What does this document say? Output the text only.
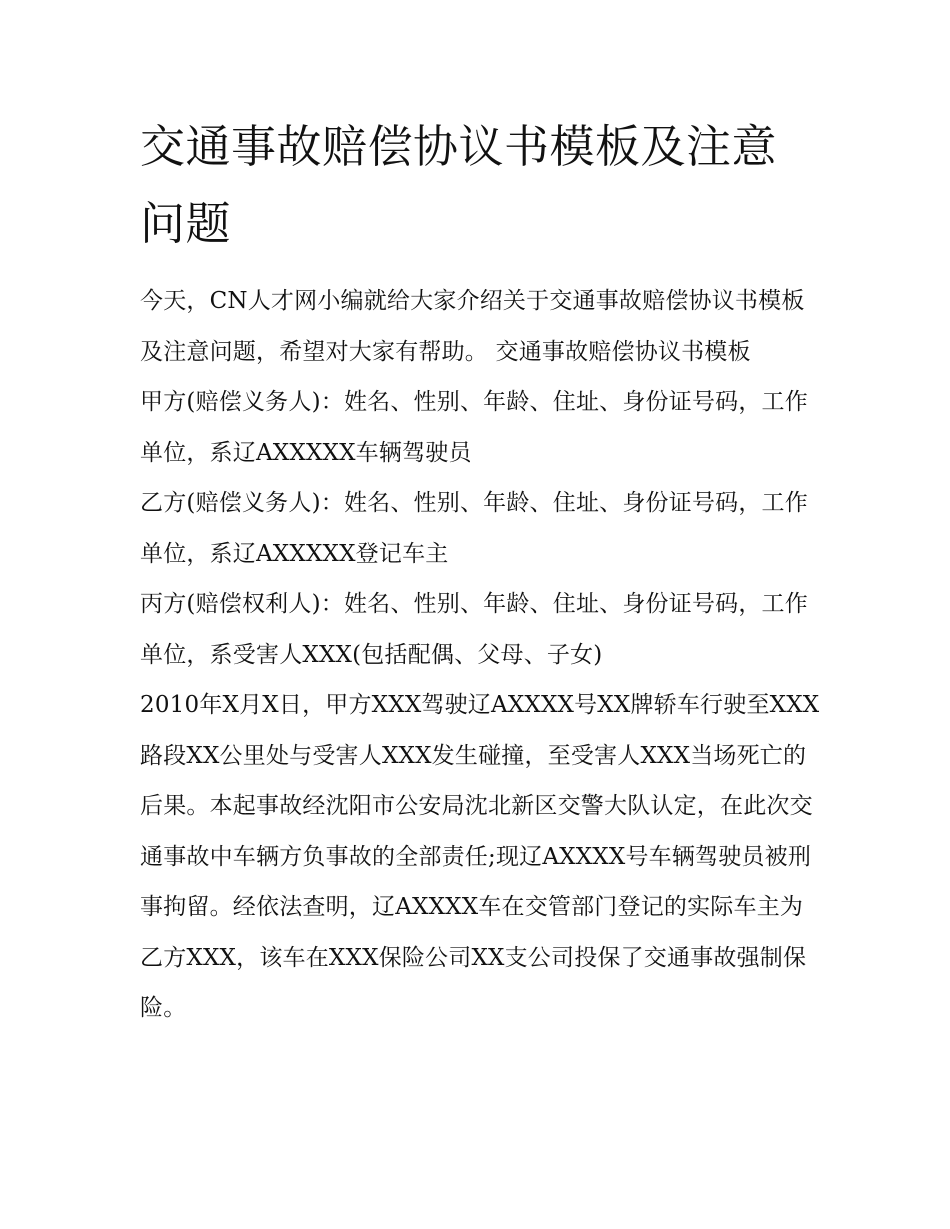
交通事故赔偿协议书模板及注意问题

今天，CN人才网小编就给大家介绍关于交通事故赔偿协议书模板及注意问题，希望对大家有帮助。 交通事故赔偿协议书模板

甲方(赔偿义务人)：姓名、性别、年龄、住址、身份证号码，工作单位，系辽AXXXXX车辆驾驶员

乙方(赔偿义务人)：姓名、性别、年龄、住址、身份证号码，工作单位，系辽AXXXXX登记车主

丙方(赔偿权利人)：姓名、性别、年龄、住址、身份证号码，工作单位，系受害人XXX(包括配偶、父母、子女)

2010年X月X日，甲方XXX驾驶辽AXXXX号XX牌轿车行驶至XXX路段XX公里处与受害人XXX发生碰撞，至受害人XXX当场死亡的后果。本起事故经沈阳市公安局沈北新区交警大队认定，在此次交通事故中车辆方负事故的全部责任;现辽AXXXX号车辆驾驶员被刑事拘留。经依法查明，辽AXXXX车在交管部门登记的实际车主为乙方XXX，该车在XXX保险公司XX支公司投保了交通事故强制保险。
